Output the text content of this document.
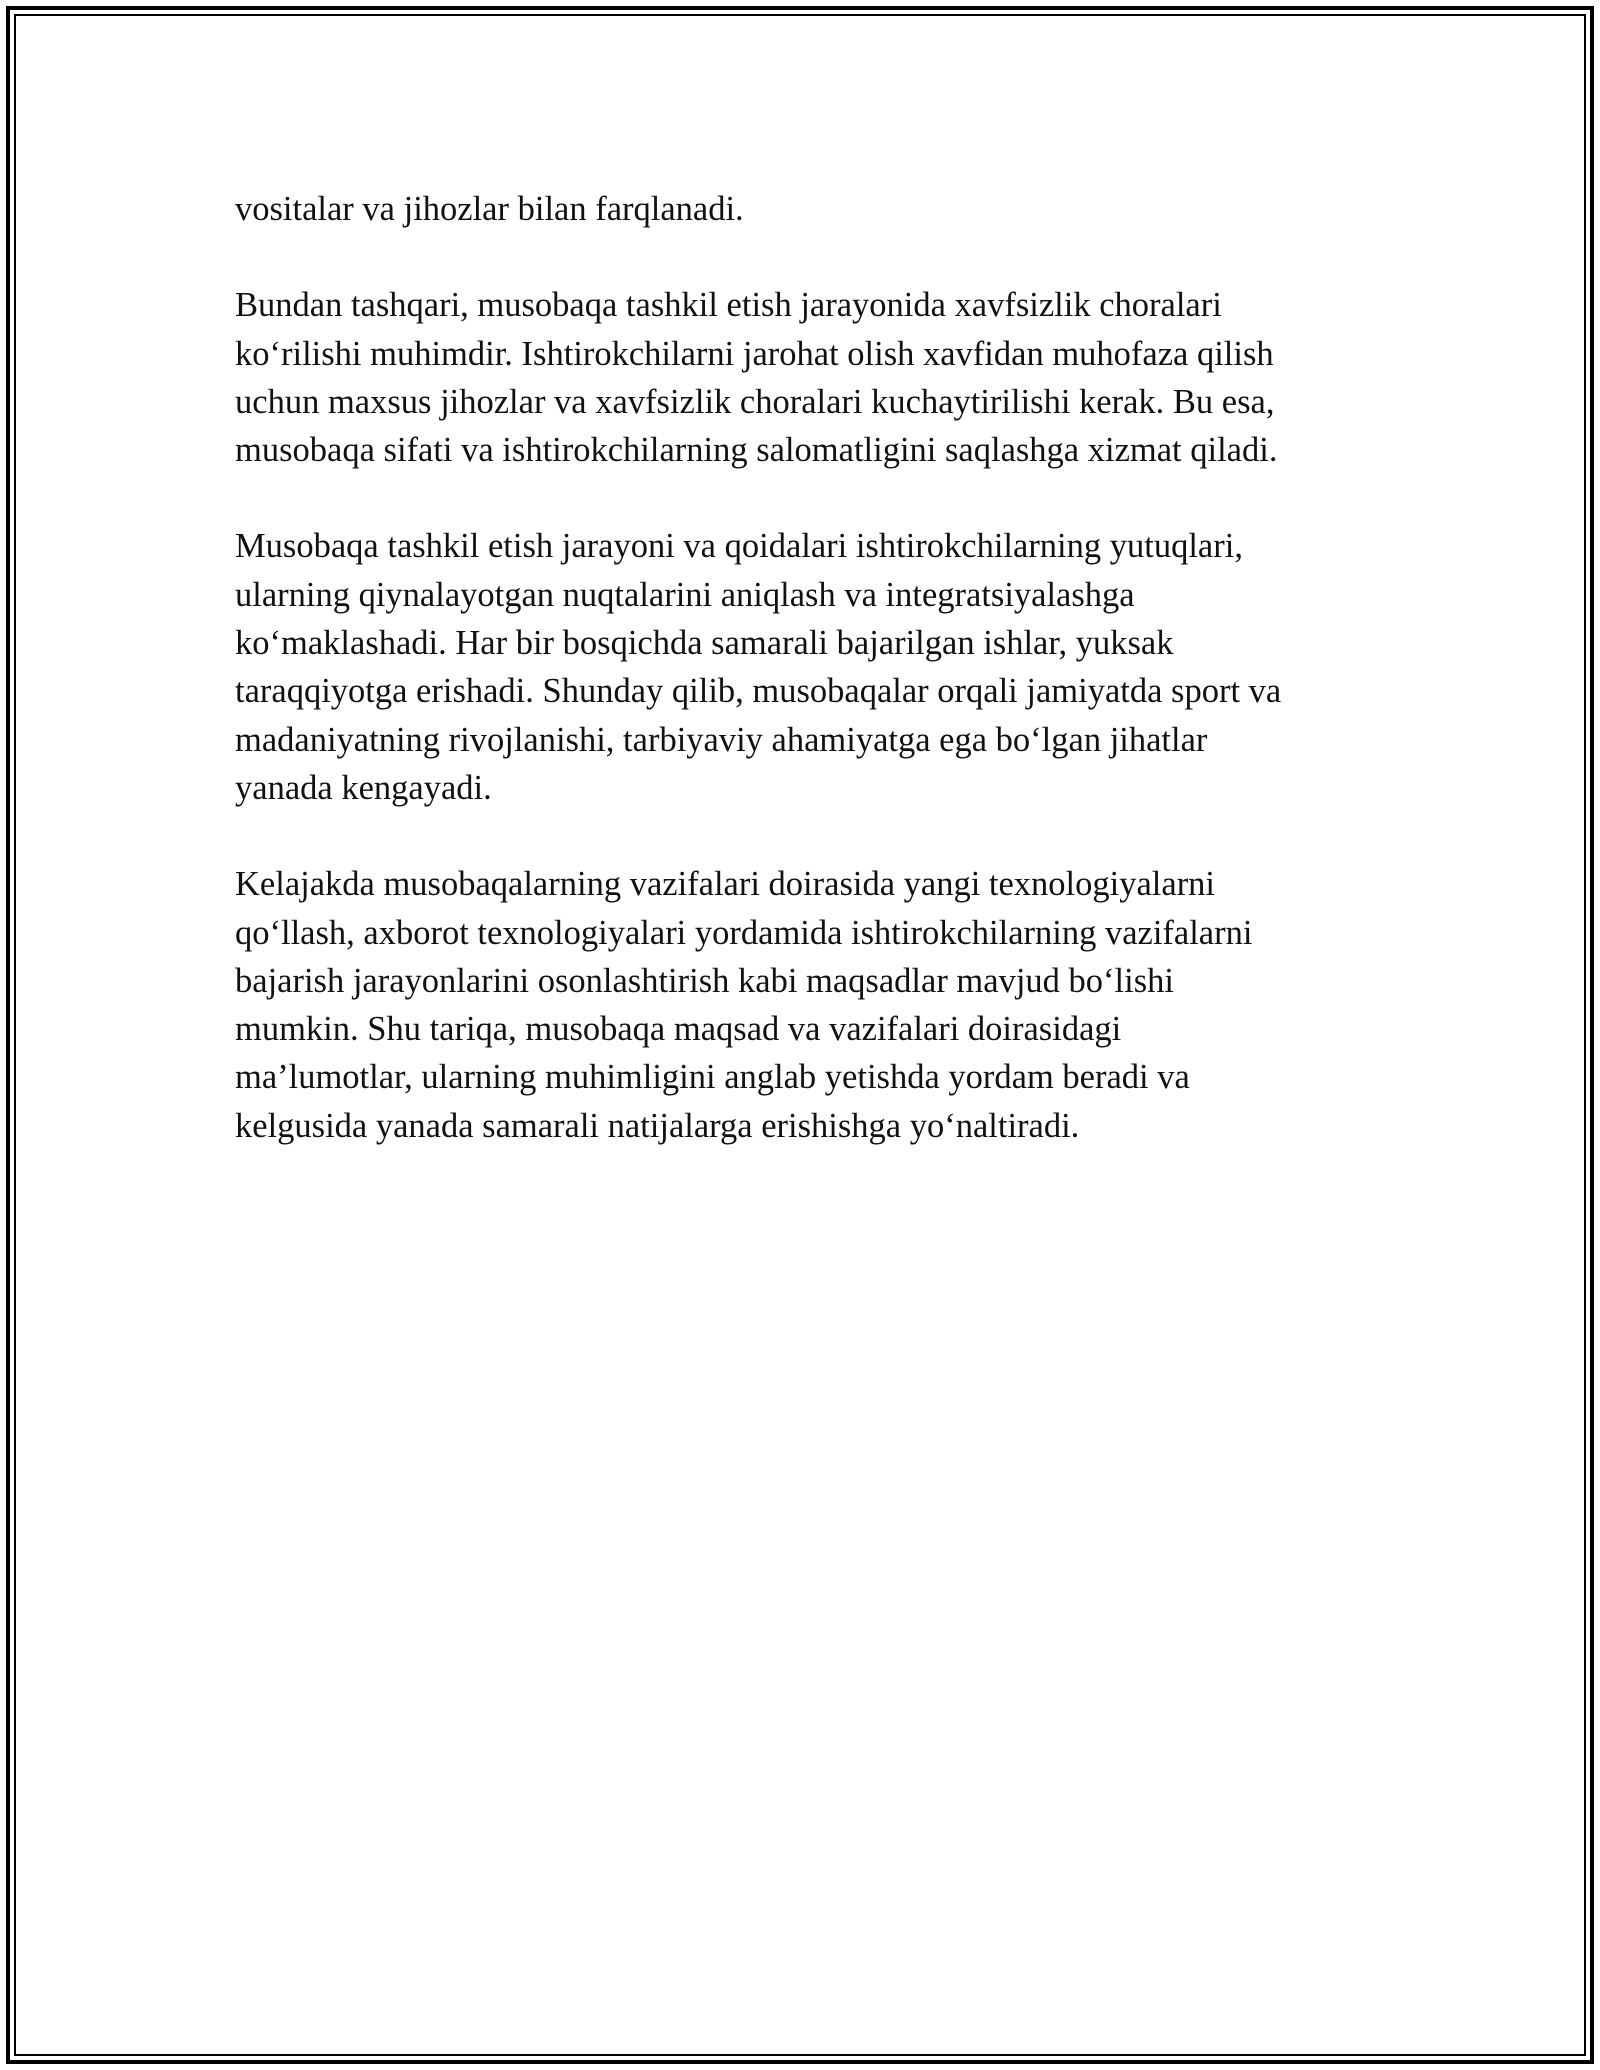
vositalar va jihozlar bilan farqlanadi.

Bundan tashqari, musobaqa tashkil etish jarayonida xavfsizlik choralari
ko‘rilishi muhimdir. Ishtirokchilarni jarohat olish xavfidan muhofaza qilish
uchun maxsus jihozlar va xavfsizlik choralari kuchaytirilishi kerak. Bu esa,
musobaqa sifati va ishtirokchilarning salomatligini saqlashga xizmat qiladi.

Musobaqa tashkil etish jarayoni va qoidalari ishtirokchilarning yutuqlari,
ularning qiynalayotgan nuqtalarini aniqlash va integratsiyalashga
ko‘maklashadi. Har bir bosqichda samarali bajarilgan ishlar, yuksak
taraqqiyotga erishadi. Shunday qilib, musobaqalar orqali jamiyatda sport va
madaniyatning rivojlanishi, tarbiyaviy ahamiyatga ega bo‘lgan jihatlar
yanada kengayadi.

Kelajakda musobaqalarning vazifalari doirasida yangi texnologiyalarni
qo‘llash, axborot texnologiyalari yordamida ishtirokchilarning vazifalarni
bajarish jarayonlarini osonlashtirish kabi maqsadlar mavjud bo‘lishi
mumkin. Shu tariqa, musobaqa maqsad va vazifalari doirasidagi
ma’lumotlar, ularning muhimligini anglab yetishda yordam beradi va
kelgusida yanada samarali natijalarga erishishga yo‘naltiradi.
